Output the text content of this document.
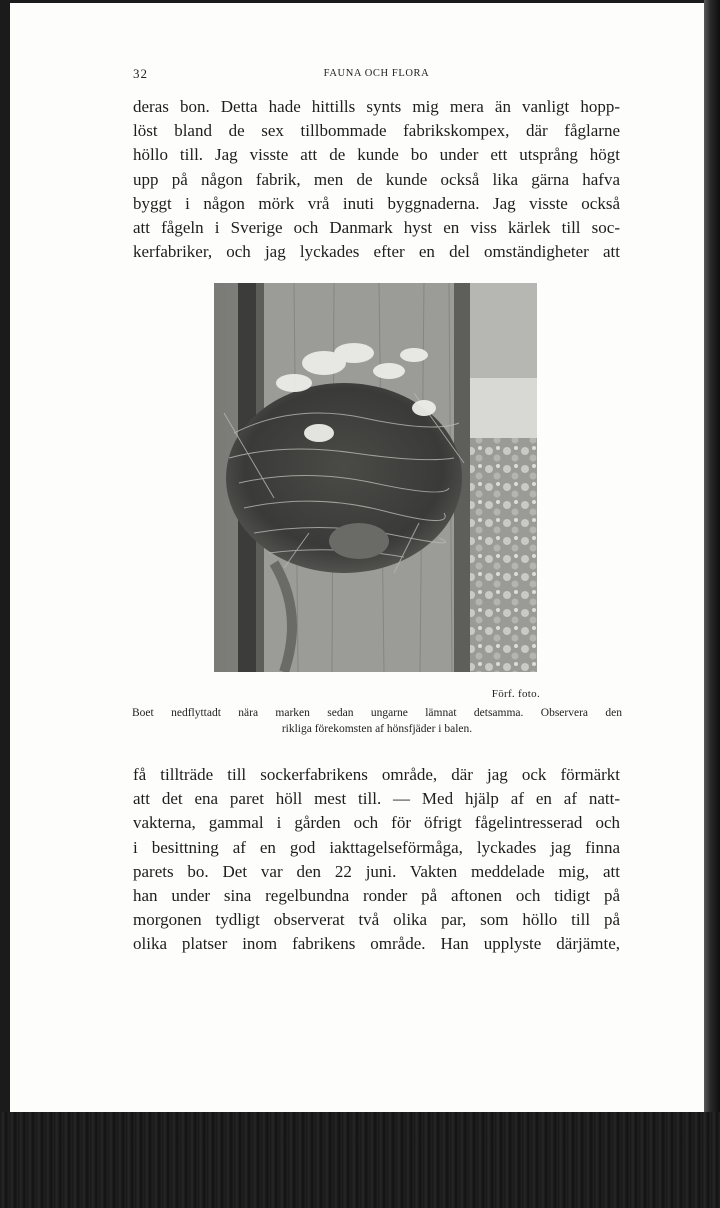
32	FAUNA OCH FLORA
deras bon. Detta hade hittills synts mig mera än vanligt hopp-
löst bland de sex tillbommade fabrikskompex, där fåglarne
höllo till. Jag visste att de kunde bo under ett utsprång högt
upp på någon fabrik, men de kunde också lika gärna hafva
byggt i någon mörk vrå inuti byggnaderna. Jag visste också
att fågeln i Sverige och Danmark hyst en viss kärlek till soc-
kerfabriker, och jag lyckades efter en del omständigheter att
Förf. foto.
Boet nedflyttadt nära marken sedan ungarne lämnat detsamma. Observera den
rikliga förekomsten af hönsfjäder i balen.
få tillträde till sockerfabrikens område, där jag ock förmärkt
att det ena paret höll mest till. — Med hjälp af en af natt-
vakterna, gammal i gården och för öfrigt fågelintresserad och
i besittning af en god iakttagelseförmåga, lyckades jag finna
parets bo. Det var den 22 juni. Vakten meddelade mig, att
han under sina regelbundna ronder på aftonen och tidigt på
morgonen tydligt observerat två olika par, som höllo till på
olika platser inom fabrikens område. Han upplyste därjämte,
